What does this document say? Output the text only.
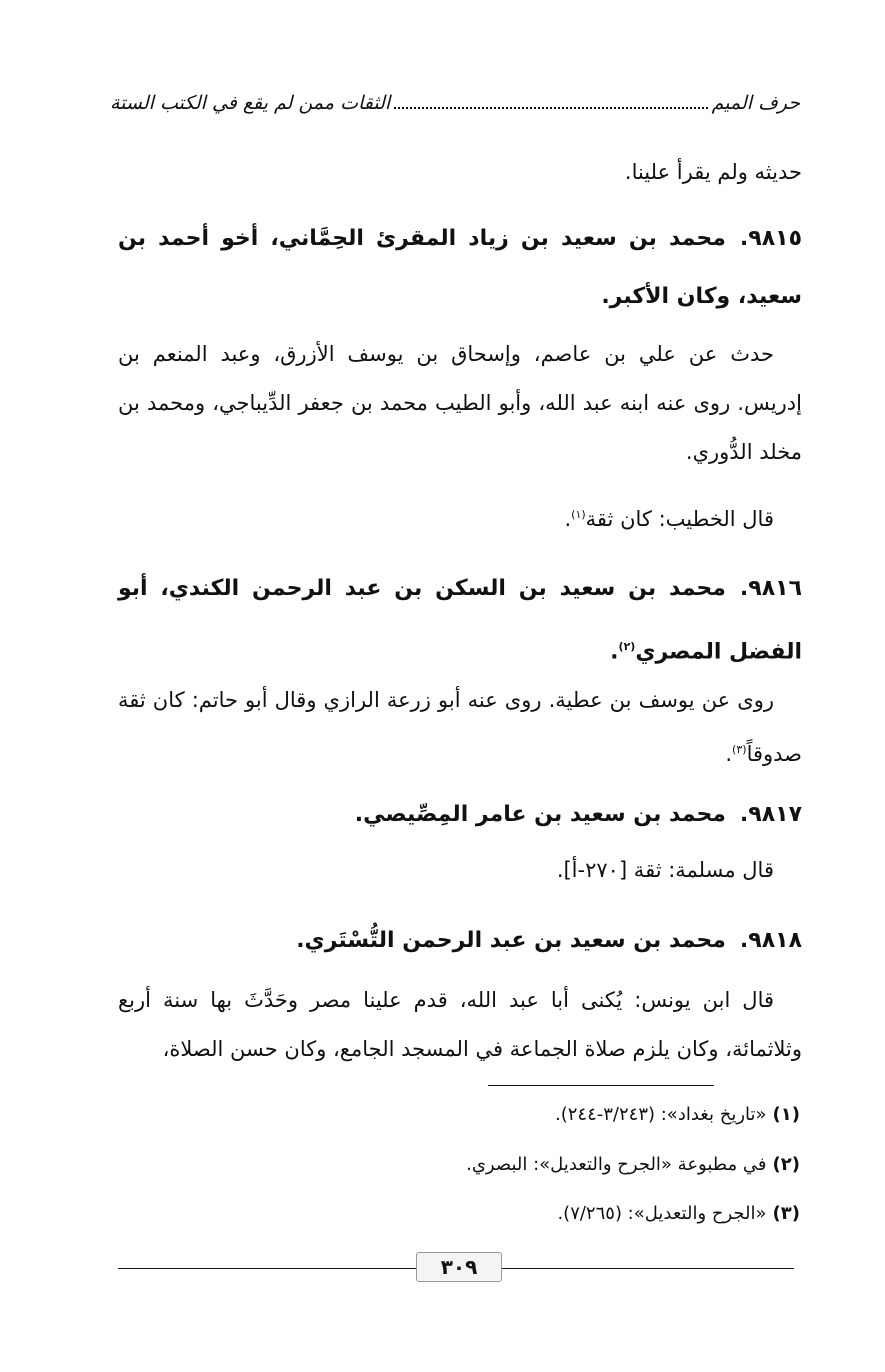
حرف الميم
الثقات ممن لم يقع في الكتب الستة
حديثه ولم يقرأ علينا.
٩٨١٥.محمد بن سعيد بن زياد المقرئ الحِمَّاني، أخو أحمد بن سعيد، وكان الأكبر.
حدث عن علي بن عاصم، وإسحاق بن يوسف الأزرق، وعبد المنعم بن إدريس. روى عنه ابنه عبد الله، وأبو الطيب محمد بن جعفر الدِّيباجي، ومحمد بن مخلد الدُّوري.
قال الخطيب: كان ثقة$^{(١)}$.
٩٨١٦.محمد بن سعيد بن السكن بن عبد الرحمن الكندي، أبو الفضل المصري$^{(٢)}$.
روى عن يوسف بن عطية. روى عنه أبو زرعة الرازي وقال أبو حاتم: كان ثقة صدوقاً$^{(٣)}$.
٩٨١٧.محمد بن سعيد بن عامر المِصِّيصي.
قال مسلمة: ثقة [٢٧٠-أ].
٩٨١٨.محمد بن سعيد بن عبد الرحمن التُّسْتَري.
قال ابن يونس: يُكنى أبا عبد الله، قدم علينا مصر وحَدَّثَ بها سنة أربع وثلاثمائة، وكان يلزم صلاة الجماعة في المسجد الجامع، وكان حسن الصلاة،
(١)«تاريخ بغداد»: (٣/٢٤٣-٢٤٤).
(٢)في مطبوعة «الجرح والتعديل»: البصري.
(٣)«الجرح والتعديل»: (٧/٢٦٥).
٣٠٩
